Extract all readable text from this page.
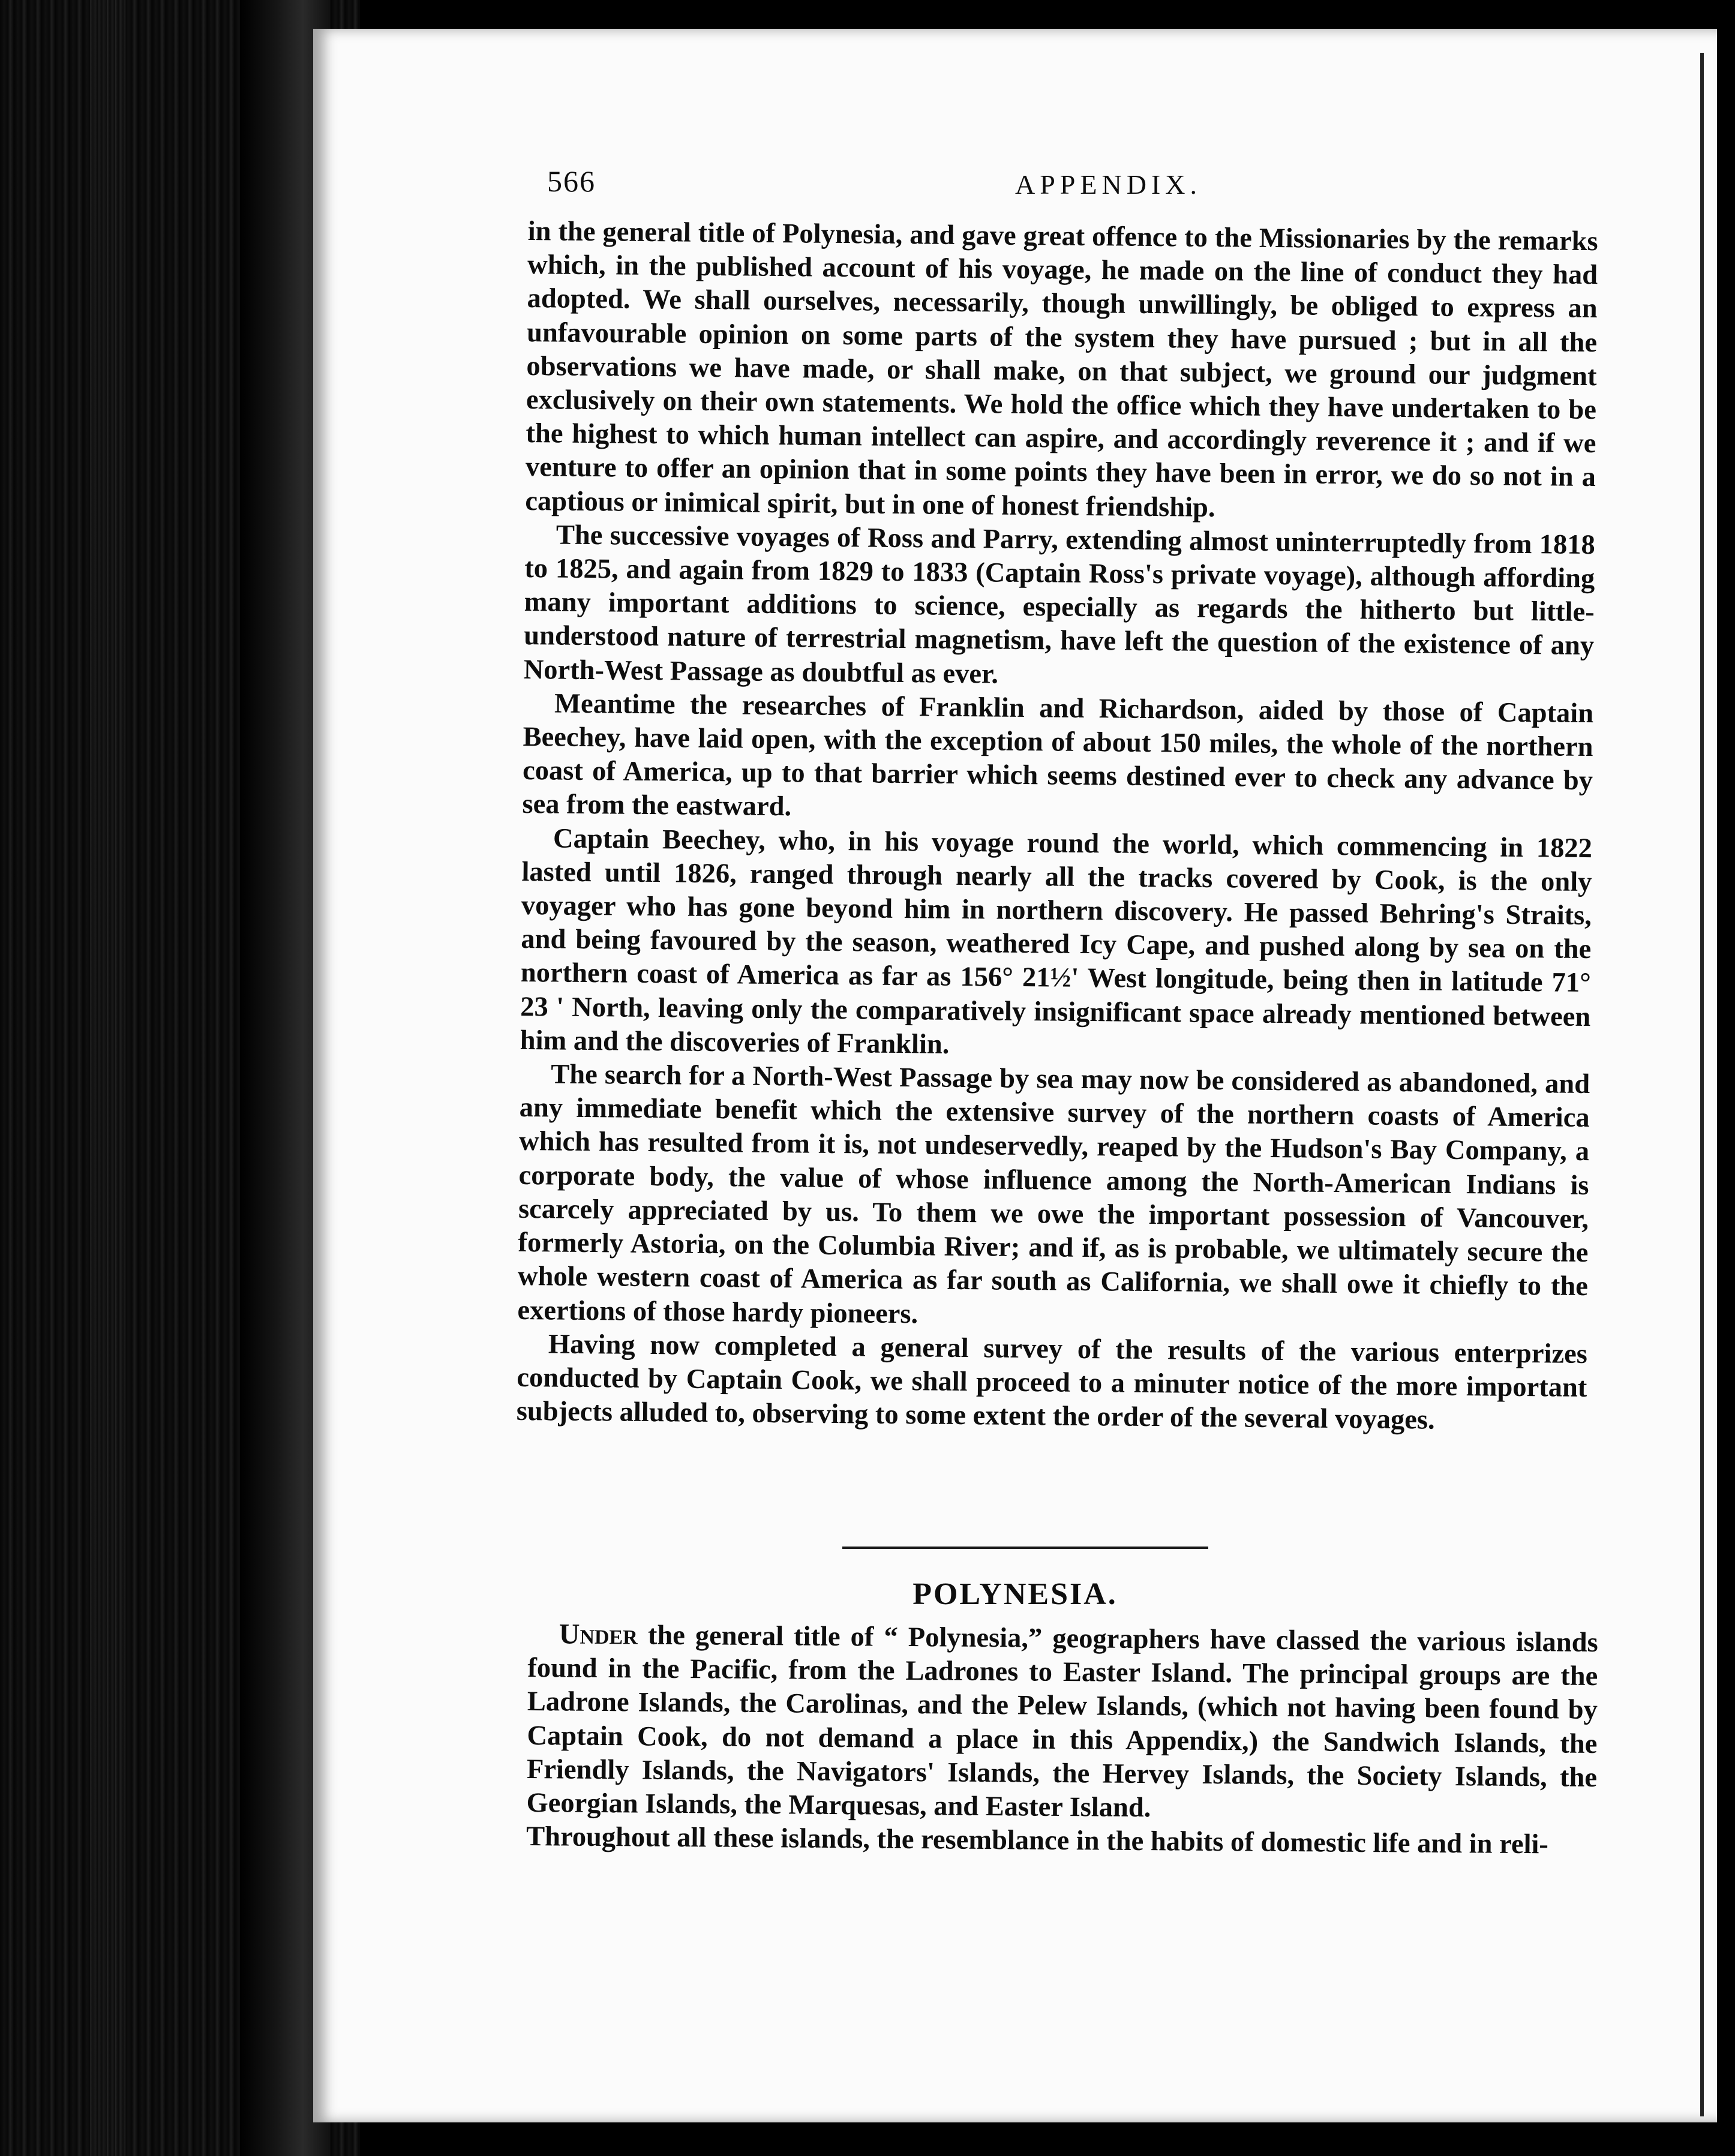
566	APPENDIX.

in the general title of Polynesia, and gave great offence to the Missionaries by the remarks which, in the published account of his voyage, he made on the line of conduct they had adopted. We shall ourselves, necessarily, though unwillingly, be obliged to express an unfavourable opinion on some parts of the system they have pursued ; but in all the observations we have made, or shall make, on that subject, we ground our judgment exclusively on their own statements. We hold the office which they have undertaken to be the highest to which human intellect can aspire, and accordingly reverence it ; and if we venture to offer an opinion that in some points they have been in error, we do so not in a captious or inimical spirit, but in one of honest friendship.

The successive voyages of Ross and Parry, extending almost uninterruptedly from 1818 to 1825, and again from 1829 to 1833 (Captain Ross's private voyage), although affording many important additions to science, especially as regards the hitherto but little-understood nature of terrestrial magnetism, have left the question of the existence of any North-West Passage as doubtful as ever.

Meantime the researches of Franklin and Richardson, aided by those of Captain Beechey, have laid open, with the exception of about 150 miles, the whole of the northern coast of America, up to that barrier which seems destined ever to check any advance by sea from the eastward.

Captain Beechey, who, in his voyage round the world, which commencing in 1822 lasted until 1826, ranged through nearly all the tracks covered by Cook, is the only voyager who has gone beyond him in northern discovery. He passed Behring's Straits, and being favoured by the season, weathered Icy Cape, and pushed along by sea on the northern coast of America as far as 156° 21½' West longitude, being then in latitude 71° 23 ' North, leaving only the comparatively insignificant space already mentioned between him and the discoveries of Franklin.

The search for a North-West Passage by sea may now be considered as abandoned, and any immediate benefit which the extensive survey of the northern coasts of America which has resulted from it is, not undeservedly, reaped by the Hudson's Bay Company, a corporate body, the value of whose influence among the North-American Indians is scarcely appreciated by us. To them we owe the important possession of Vancouver, formerly Astoria, on the Columbia River; and if, as is probable, we ultimately secure the whole western coast of America as far south as California, we shall owe it chiefly to the exertions of those hardy pioneers.

Having now completed a general survey of the results of the various enterprizes conducted by Captain Cook, we shall proceed to a minuter notice of the more important subjects alluded to, observing to some extent the order of the several voyages.

POLYNESIA.

Under the general title of “ Polynesia,” geographers have classed the various islands found in the Pacific, from the Ladrones to Easter Island. The principal groups are the Ladrone Islands, the Carolinas, and the Pelew Islands, (which not having been found by Captain Cook, do not demand a place in this Appendix,) the Sandwich Islands, the Friendly Islands, the Navigators' Islands, the Hervey Islands, the Society Islands, the Georgian Islands, the Marquesas, and Easter Island.

Throughout all these islands, the resemblance in the habits of domestic life and in reli-
